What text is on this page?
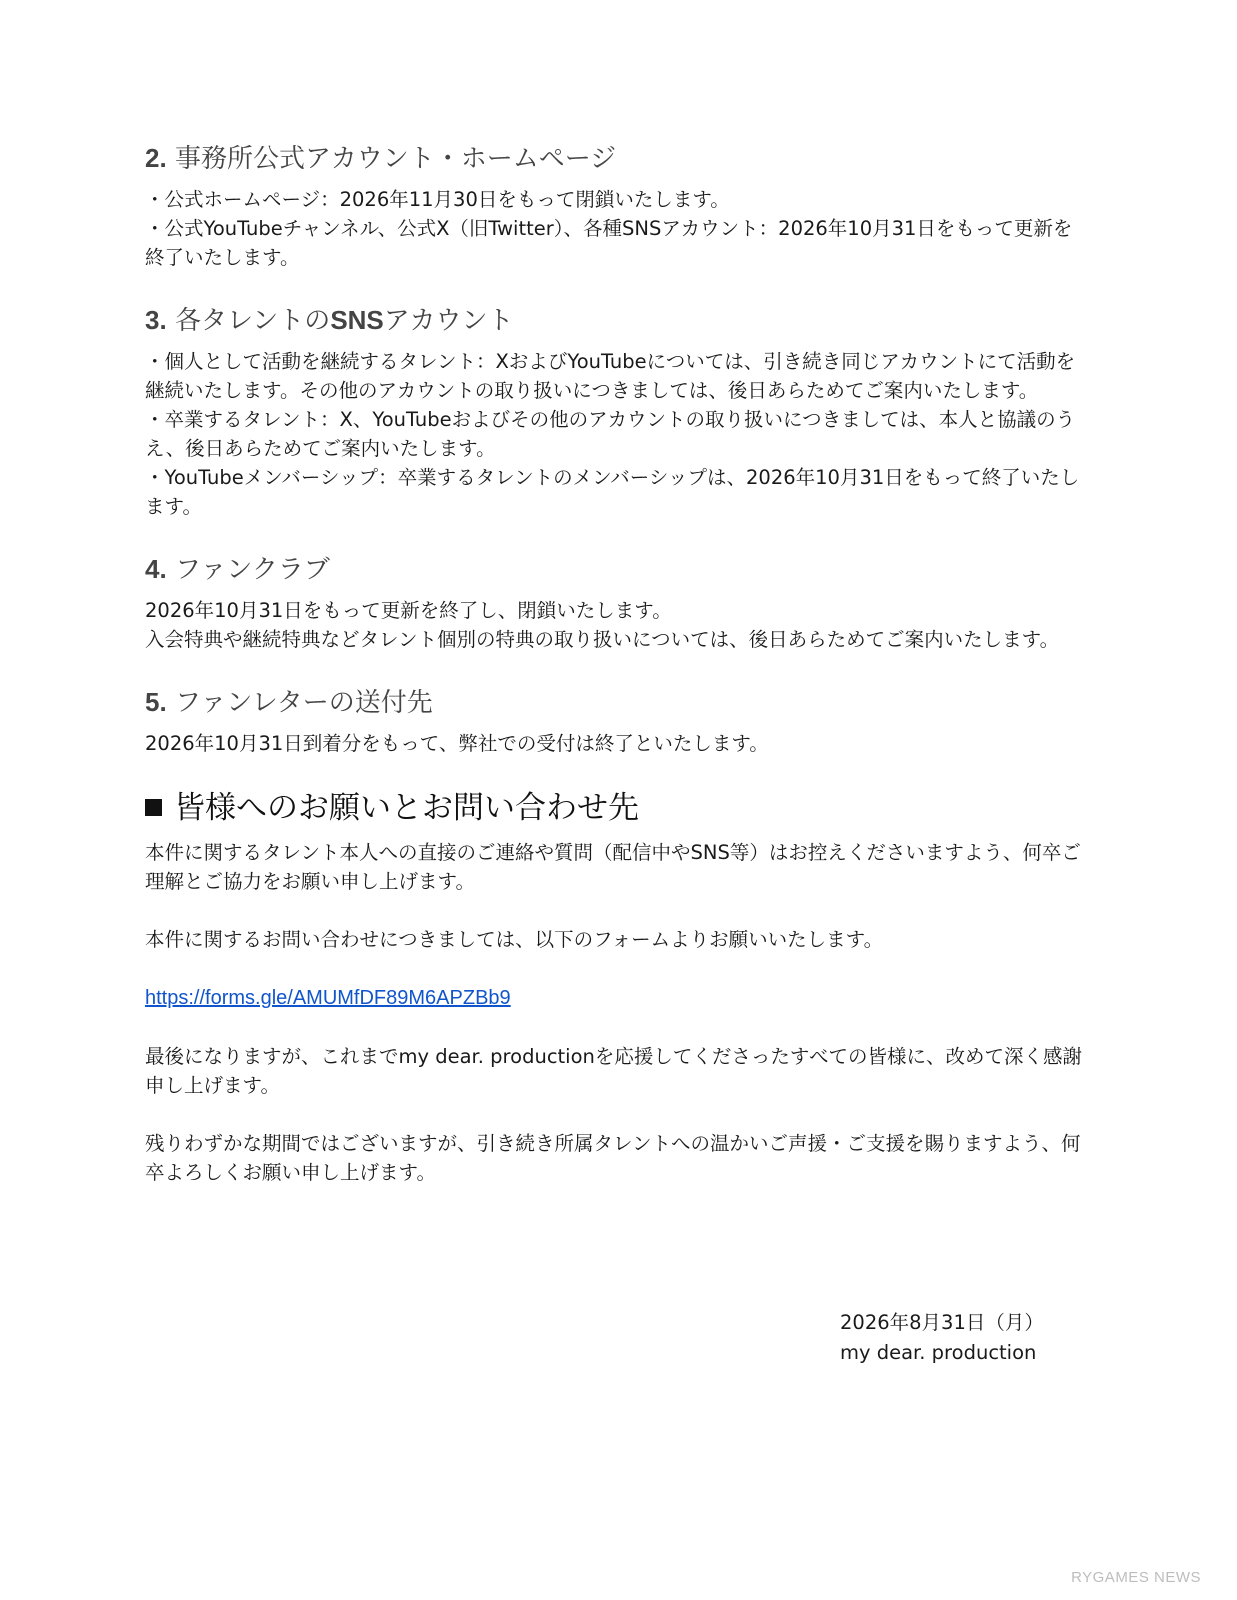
2. 事務所公式アカウント・ホームページ

・公式ホームページ：2026年11月30日をもって閉鎖いたします。

・公式YouTubeチャンネル、公式X（旧Twitter）、各種SNSアカウント：2026年10月31日をもって更新を終了いたします。

3. 各タレントのSNSアカウント

・個人として活動を継続するタレント：XおよびYouTubeについては、引き続き同じアカウントにて活動を継続いたします。その他のアカウントの取り扱いにつきましては、後日あらためてご案内いたします。

・卒業するタレント：X、YouTubeおよびその他のアカウントの取り扱いにつきましては、本人と協議のうえ、後日あらためてご案内いたします。

・YouTubeメンバーシップ：卒業するタレントのメンバーシップは、2026年10月31日をもって終了いたします。

4. ファンクラブ

2026年10月31日をもって更新を終了し、閉鎖いたします。

入会特典や継続特典などタレント個別の特典の取り扱いについては、後日あらためてご案内いたします。

5. ファンレターの送付先

2026年10月31日到着分をもって、弊社での受付は終了といたします。

皆様へのお願いとお問い合わせ先

本件に関するタレント本人への直接のご連絡や質問（配信中やSNS等）はお控えくださいますよう、何卒ご理解とご協力をお願い申し上げます。

本件に関するお問い合わせにつきましては、以下のフォームよりお願いいたします。

https://forms.gle/AMUMfDF89M6APZBb9

最後になりますが、これまでmy dear. productionを応援してくださったすべての皆様に、改めて深く感謝申し上げます。

残りわずかな期間ではございますが、引き続き所属タレントへの温かいご声援・ご支援を賜りますよう、何卒よろしくお願い申し上げます。

2026年8月31日（月）
my dear. production
RYGAMES NEWS
